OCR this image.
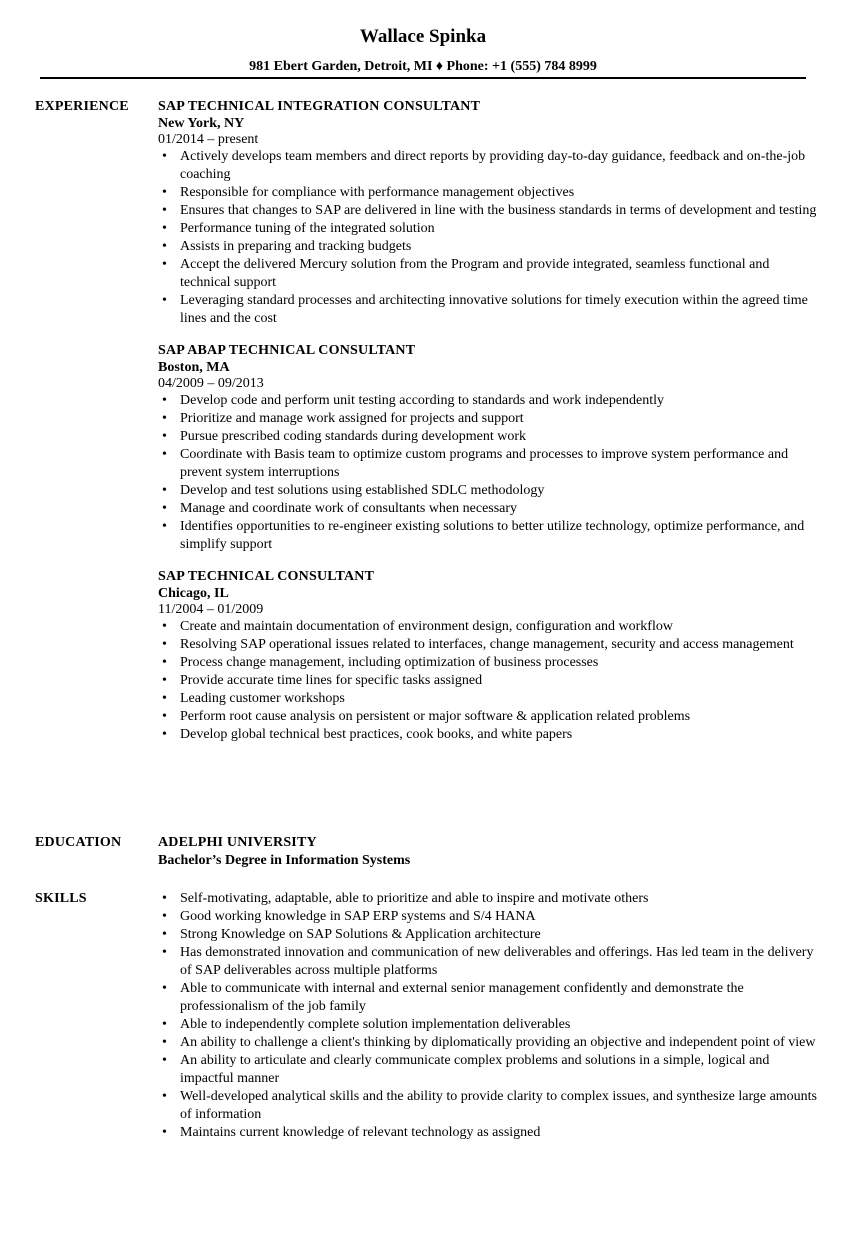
Wallace Spinka
981 Ebert Garden, Detroit, MI ♦ Phone: +1 (555) 784 8999
EXPERIENCE SAP TECHNICAL INTEGRATION CONSULTANT
New York, NY
01/2014 – present
• Actively develops team members and direct reports by providing day-to-day guidance, feedback and on-the-job coaching
• Responsible for compliance with performance management objectives
• Ensures that changes to SAP are delivered in line with the business standards in terms of development and testing
• Performance tuning of the integrated solution
• Assists in preparing and tracking budgets
• Accept the delivered Mercury solution from the Program and provide integrated, seamless functional and technical support
• Leveraging standard processes and architecting innovative solutions for timely execution within the agreed time lines and the cost
SAP ABAP TECHNICAL CONSULTANT
Boston, MA
04/2009 – 09/2013
• Develop code and perform unit testing according to standards and work independently
• Prioritize and manage work assigned for projects and support
• Pursue prescribed coding standards during development work
• Coordinate with Basis team to optimize custom programs and processes to improve system performance and prevent system interruptions
• Develop and test solutions using established SDLC methodology
• Manage and coordinate work of consultants when necessary
• Identifies opportunities to re-engineer existing solutions to better utilize technology, optimize performance, and simplify support
SAP TECHNICAL CONSULTANT
Chicago, IL
11/2004 – 01/2009
• Create and maintain documentation of environment design, configuration and workflow
• Resolving SAP operational issues related to interfaces, change management, security and access management
• Process change management, including optimization of business processes
• Provide accurate time lines for specific tasks assigned
• Leading customer workshops
• Perform root cause analysis on persistent or major software & application related problems
• Develop global technical best practices, cook books, and white papers
EDUCATION	ADELPHI UNIVERSITY
Bachelor’s Degree in Information Systems
SKILLS
•	Self-motivating, adaptable, able to prioritize and able to inspire and motivate others
• Good working knowledge in SAP ERP systems and S/4 HANA
• Strong Knowledge on SAP Solutions & Application architecture
• Has demonstrated innovation and communication of new deliverables and offerings. Has led team in the delivery of SAP deliverables across multiple platforms
• Able to communicate with internal and external senior management confidently and demonstrate the professionalism of the job family
• Able to independently complete solution implementation deliverables
• An ability to challenge a client's thinking by diplomatically providing an objective and independent point of view
• An ability to articulate and clearly communicate complex problems and solutions in a simple, logical and impactful manner
• Well-developed analytical skills and the ability to provide clarity to complex issues, and synthesize large amounts of information
• Maintains current knowledge of relevant technology as assigned
